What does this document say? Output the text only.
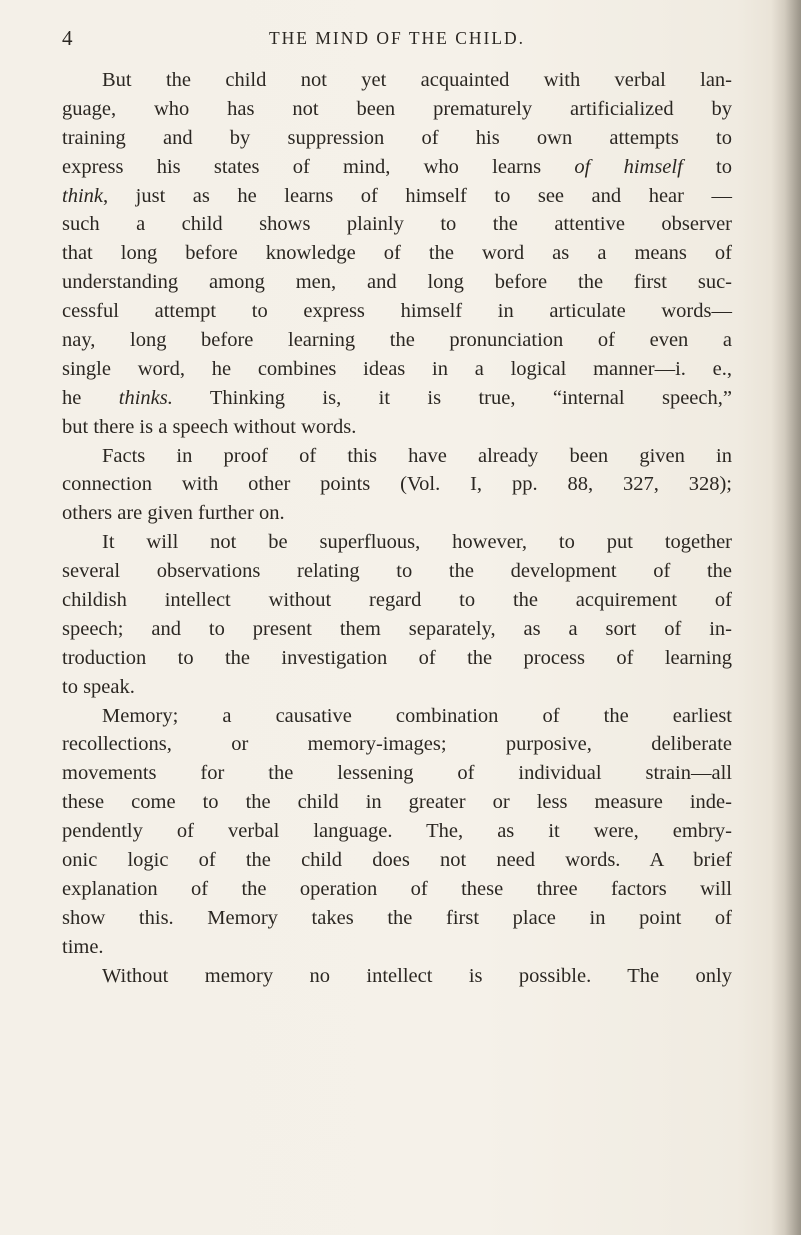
4	THE MIND OF THE CHILD.
But the child not yet acquainted with verbal lan-
guage, who has not been prematurely artificialized by
training and by suppression of his own attempts to
express his states of mind, who learns of himself to
think, just as he learns of himself to see and hear —
such a child shows plainly to the attentive observer
that long before knowledge of the word as a means of
understanding among men, and long before the first suc-
cessful attempt to express himself in articulate words—
nay, long before learning the pronunciation of even a
single word, he combines ideas in a logical manner—i. e.,
he thinks. Thinking is, it is true, “internal speech,”
but there is a speech without words.
Facts in proof of this have already been given in
connection with other points (Vol. I, pp. 88, 327, 328);
others are given further on.
It will not be superfluous, however, to put together
several observations relating to the development of the
childish intellect without regard to the acquirement of
speech; and to present them separately, as a sort of in-
troduction to the investigation of the process of learning
to speak.
Memory; a causative combination of the earliest
recollections, or memory-images; purposive, deliberate
movements for the lessening of individual strain—all
these come to the child in greater or less measure inde-
pendently of verbal language. The, as it were, embry-
onic logic of the child does not need words. A brief
explanation of the operation of these three factors will
show this. Memory takes the first place in point of
time.
Without memory no intellect is possible. The only
